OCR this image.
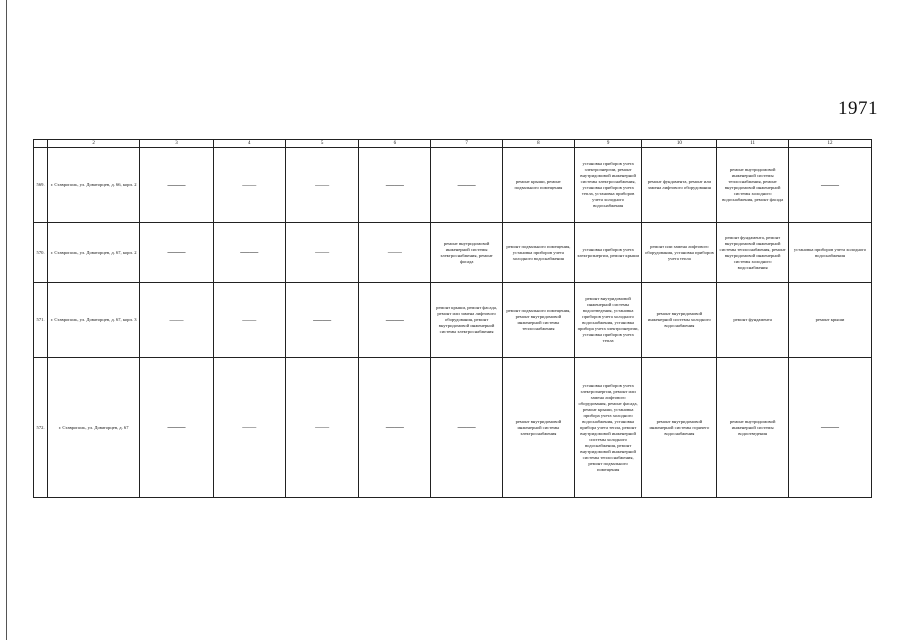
1971
	2	3	4	5	6	7	8	9	10	11	12
569.	г. Ставрополь, ул. Доваторцев, д. 66, корп. 2	——	——	——	——	——	ремонт крыши, ремонт подвального помещения	установка приборов учета электроэнергии, ремонт внутридомовой инженерной системы электроснабжения, установка приборов учета тепла, установка приборов учета холодного водоснабжения	ремонт фундамента, ремонт или замена лифтового оборудования	ремонт внутридомовой инженерной системы теплоснабжения, ремонт внутридомовой инженерной системы холодного водоснабжения, ремонт фасада	——
570.	г. Ставрополь, ул. Доваторцев, д. 67, корп. 2	——	——	——	——	ремонт внутридомовой инженерной системы электроснабжения, ремонт фасада	ремонт подвального помещения, установка приборов учета холодного водоснабжения	установка приборов учета электроэнергии, ремонт крыши	ремонт или замена лифтового оборудования, установка приборов учета тепла	ремонт фундамента, ремонт внутридомовой инженерной системы теплоснабжения, ремонт внутридомовой инженерной системы холодного водоснабжения	установка приборов учета холодного водоснабжения
571.	г. Ставрополь, ул. Доваторцев, д. 67, корп. 3	——	——	——	——	ремонт крыши, ремонт фасада, ремонт или замена лифтового оборудования, ремонт внутридомовой инженерной системы электроснабжения	ремонт подвального помещения, ремонт внутридомовой инженерной системы теплоснабжения	ремонт внутридомовой инженерной системы водоотведения, установка приборов учета холодного водоснабжения, установка прибора учета электроэнергии, установка приборов учета тепла	ремонт внутридомовой инженерной системы холодного водоснабжения	ремонт фундамента	ремонт крыши
572.	г. Ставрополь, ул. Доваторцев, д. 67	——	——	——	——	——	ремонт внутридомовой инженерной системы электроснабжения	установка приборов учета электроэнергии, ремонт или замена лифтового оборудования, ремонт фасада, ремонт крыши, установка прибора учета холодного водоснабжения, установка прибора учета тепла, ремонт внутридомовой инженерной системы холодного водоснабжения, ремонт внутридомовой инженерной системы теплоснабжения, ремонт подвального помещения	ремонт внутридомовой инженерной системы горячего водоснабжения	ремонт внутридомовой инженерной системы водоотведения	——
